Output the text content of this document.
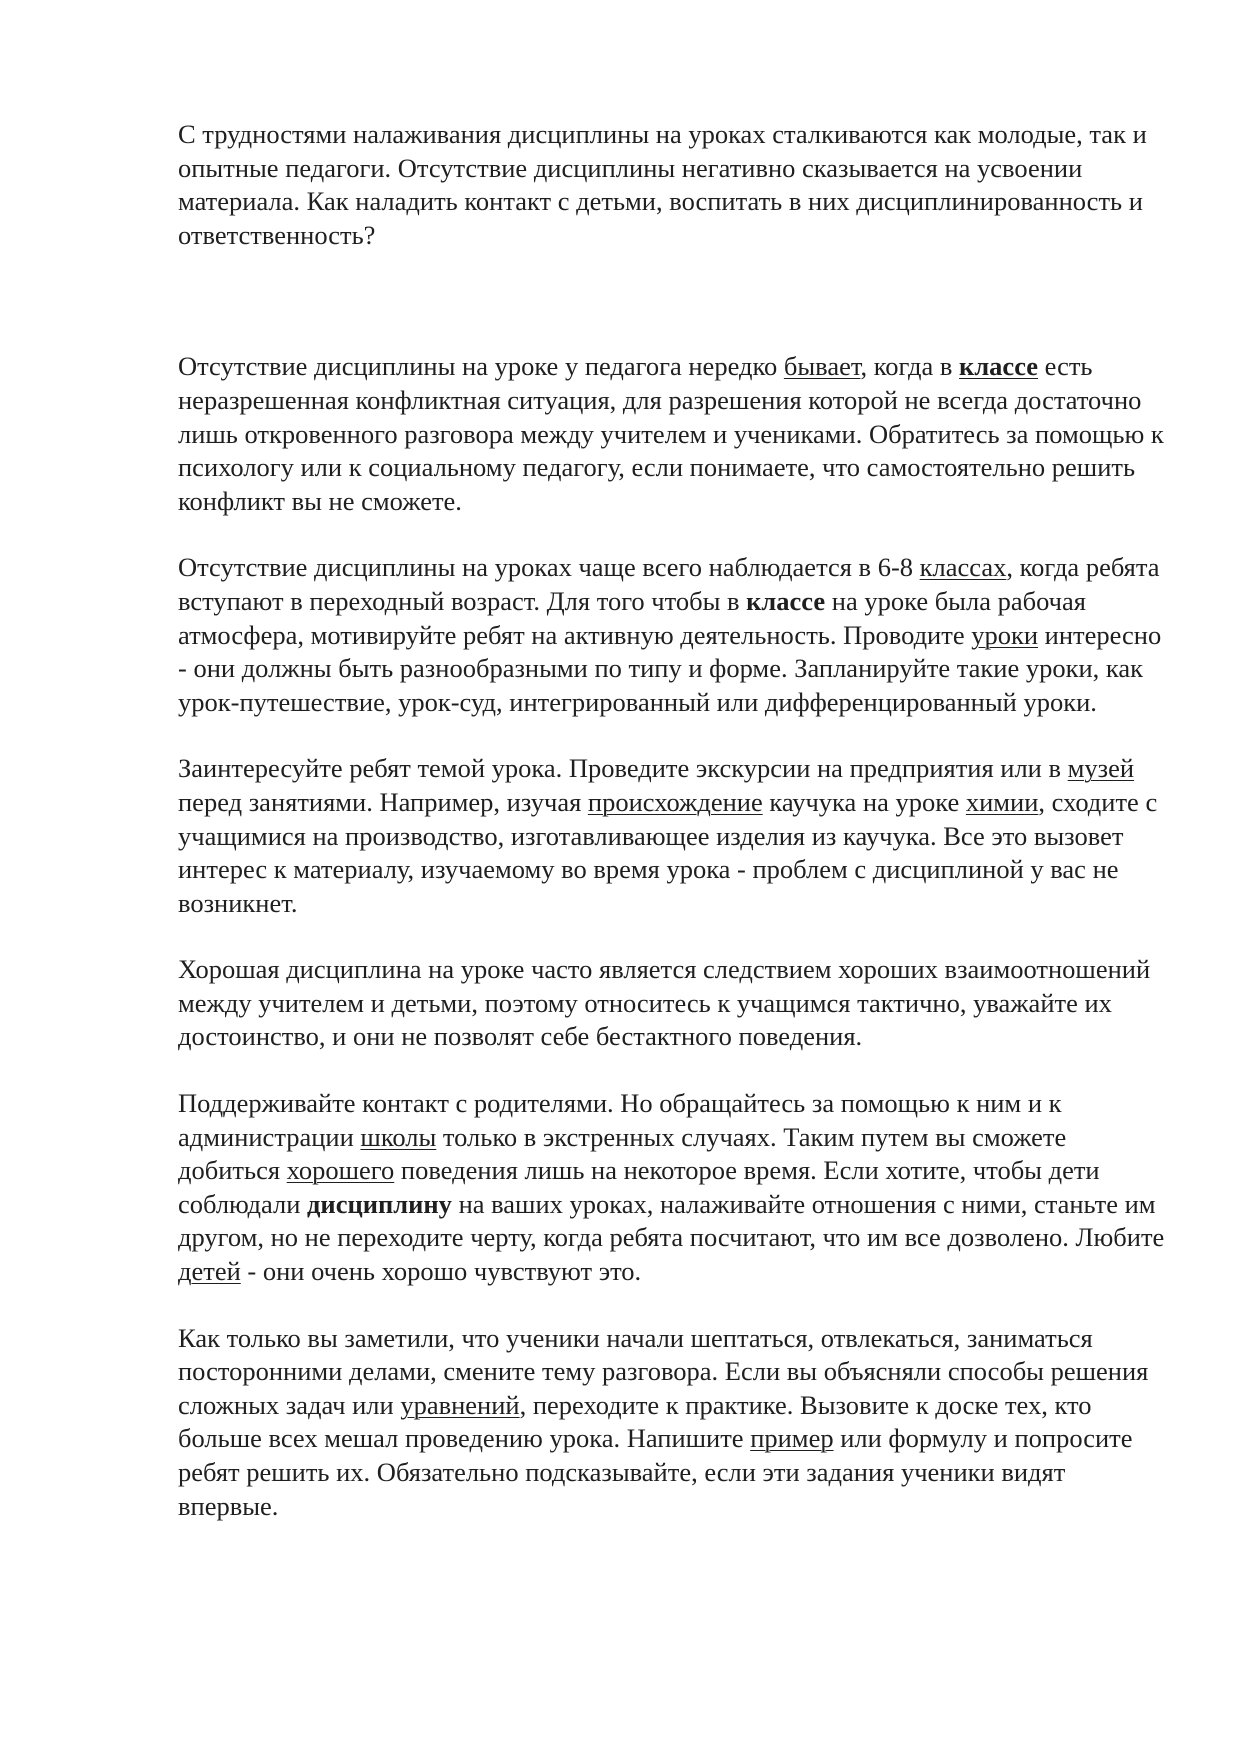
С трудностями налаживания дисциплины на уроках сталкиваются как молодые, так и опытные педагоги. Отсутствие дисциплины негативно сказывается на усвоении материала. Как наладить контакт с детьми, воспитать в них дисциплинированность и ответственность?

Отсутствие дисциплины на уроке у педагога нередко бывает, когда в классе есть неразрешенная конфликтная ситуация, для разрешения которой не всегда достаточно лишь откровенного разговора между учителем и учениками. Обратитесь за помощью к психологу или к социальному педагогу, если понимаете, что самостоятельно решить конфликт вы не сможете.

Отсутствие дисциплины на уроках чаще всего наблюдается в 6-8 классах, когда ребята вступают в переходный возраст. Для того чтобы в классе на уроке была рабочая атмосфера, мотивируйте ребят на активную деятельность. Проводите уроки интересно - они должны быть разнообразными по типу и форме. Запланируйте такие уроки, как урок-путешествие, урок-суд, интегрированный или дифференцированный уроки.

Заинтересуйте ребят темой урока. Проведите экскурсии на предприятия или в музей перед занятиями. Например, изучая происхождение каучука на уроке химии, сходите с учащимися на производство, изготавливающее изделия из каучука. Все это вызовет интерес к материалу, изучаемому во время урока - проблем с дисциплиной у вас не возникнет.

Хорошая дисциплина на уроке часто является следствием хороших взаимоотношений между учителем и детьми, поэтому относитесь к учащимся тактично, уважайте их достоинство, и они не позволят себе бестактного поведения.

Поддерживайте контакт с родителями. Но обращайтесь за помощью к ним и к администрации школы только в экстренных случаях. Таким путем вы сможете добиться хорошего поведения лишь на некоторое время. Если хотите, чтобы дети соблюдали дисциплину на ваших уроках, налаживайте отношения с ними, станьте им другом, но не переходите черту, когда ребята посчитают, что им все дозволено. Любите детей - они очень хорошо чувствуют это.

Как только вы заметили, что ученики начали шептаться, отвлекаться, заниматься посторонними делами, смените тему разговора. Если вы объясняли способы решения сложных задач или уравнений, переходите к практике. Вызовите к доске тех, кто больше всех мешал проведению урока. Напишите пример или формулу и попросите ребят решить их. Обязательно подсказывайте, если эти задания ученики видят впервые.
